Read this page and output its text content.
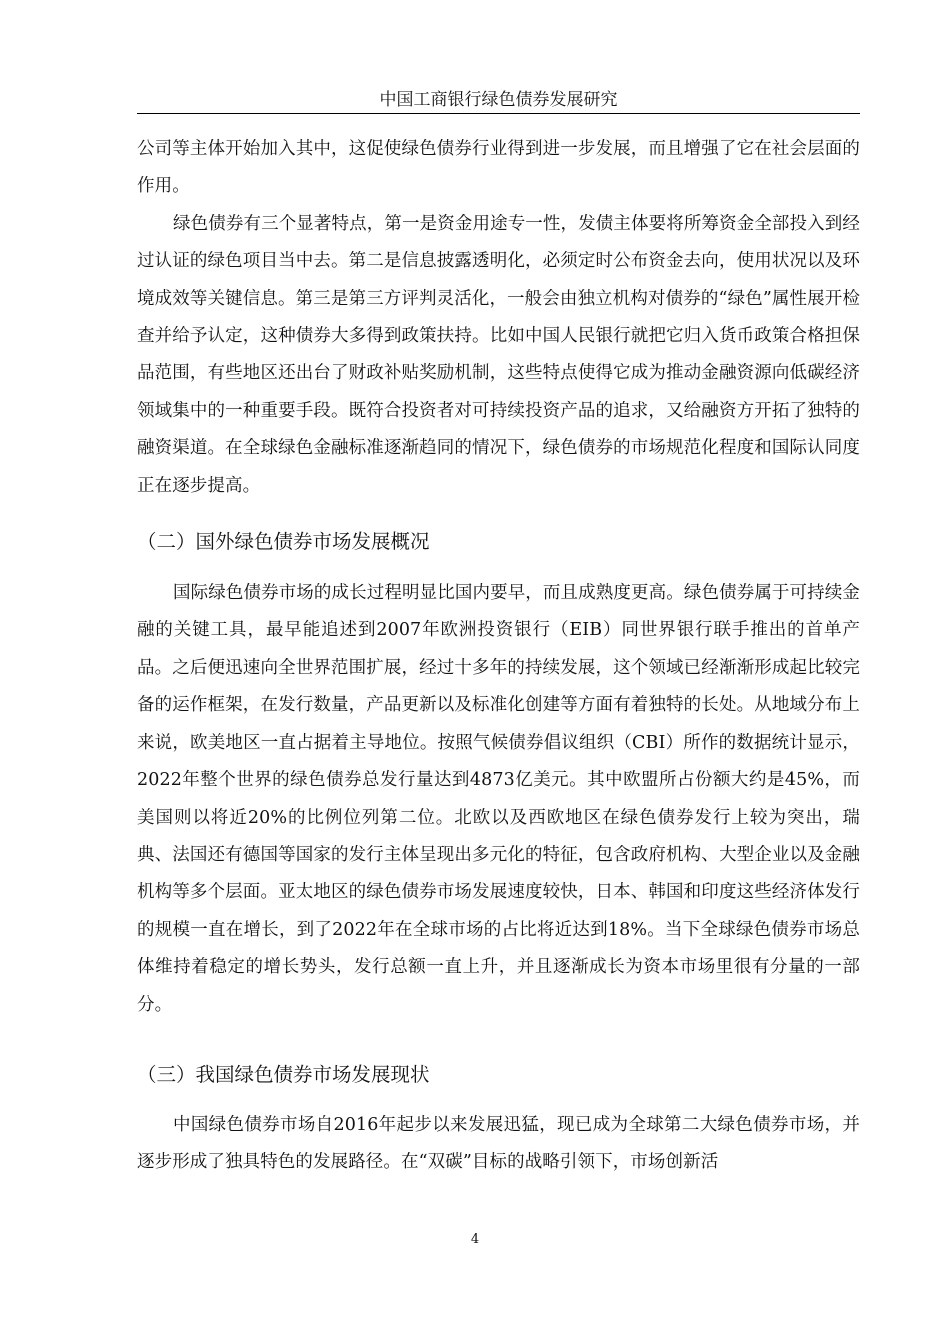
中国工商银行绿色债券发展研究

公司等主体开始加入其中，这促使绿色债券行业得到进一步发展，而且增强了它在社会层面的作用。

绿色债券有三个显著特点，第一是资金用途专一性，发债主体要将所筹资金全部投入到经过认证的绿色项目当中去。第二是信息披露透明化，必须定时公布资金去向，使用状况以及环境成效等关键信息。第三是第三方评判灵活化，一般会由独立机构对债券的“绿色”属性展开检查并给予认定，这种债券大多得到政策扶持。比如中国人民银行就把它归入货币政策合格担保品范围，有些地区还出台了财政补贴奖励机制，这些特点使得它成为推动金融资源向低碳经济领域集中的一种重要手段。既符合投资者对可持续投资产品的追求，又给融资方开拓了独特的融资渠道。在全球绿色金融标准逐渐趋同的情况下，绿色债券的市场规范化程度和国际认同度正在逐步提高。

（二）国外绿色债券市场发展概况

国际绿色债券市场的成长过程明显比国内要早，而且成熟度更高。绿色债券属于可持续金融的关键工具，最早能追述到2007年欧洲投资银行（EIB）同世界银行联手推出的首单产品。之后便迅速向全世界范围扩展，经过十多年的持续发展，这个领域已经渐渐形成起比较完备的运作框架，在发行数量，产品更新以及标准化创建等方面有着独特的长处。从地域分布上来说，欧美地区一直占据着主导地位。按照气候债券倡议组织（CBI）所作的数据统计显示，2022年整个世界的绿色债券总发行量达到4873亿美元。其中欧盟所占份额大约是45%，而美国则以将近20%的比例位列第二位。北欧以及西欧地区在绿色债券发行上较为突出，瑞典、法国还有德国等国家的发行主体呈现出多元化的特征，包含政府机构、大型企业以及金融机构等多个层面。亚太地区的绿色债券市场发展速度较快，日本、韩国和印度这些经济体发行的规模一直在增长，到了2022年在全球市场的占比将近达到18%。当下全球绿色债券市场总体维持着稳定的增长势头，发行总额一直上升，并且逐渐成长为资本市场里很有分量的一部分。

（三）我国绿色债券市场发展现状

中国绿色债券市场自2016年起步以来发展迅猛，现已成为全球第二大绿色债券市场，并逐步形成了独具特色的发展路径。在“双碳”目标的战略引领下，市场创新活

4
